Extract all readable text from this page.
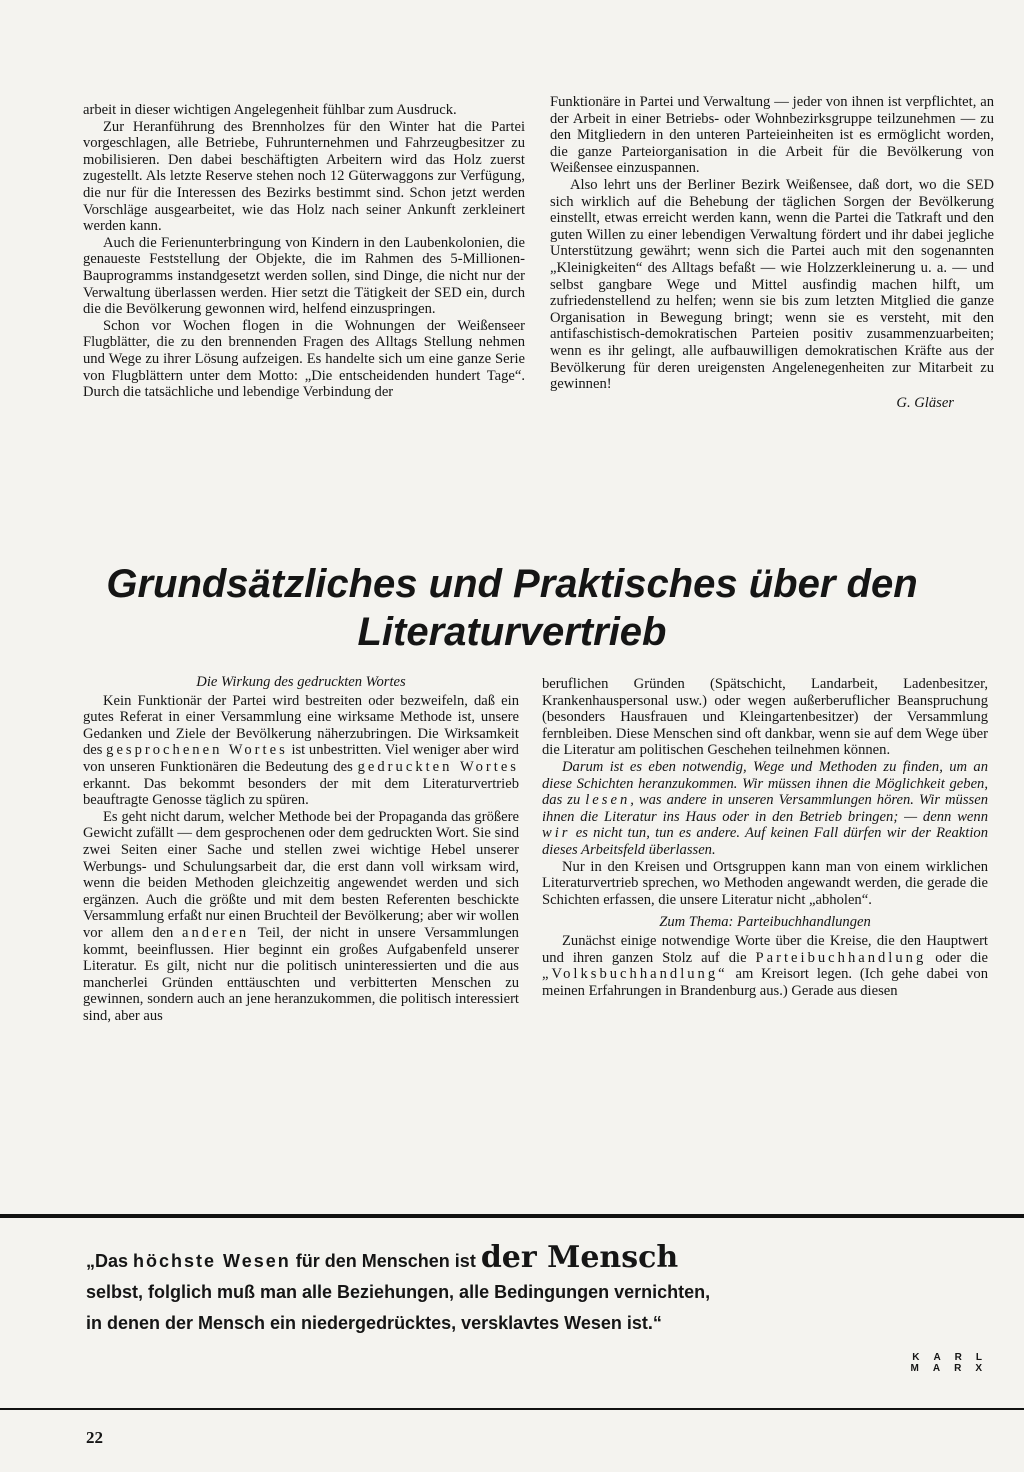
arbeit in dieser wichtigen Angelegenheit fühlbar zum Ausdruck.

Zur Heranführung des Brennholzes für den Winter hat die Partei vorgeschlagen, alle Betriebe, Fuhrunternehmen und Fahrzeugbesitzer zu mobilisieren. Den dabei beschäftigten Arbeitern wird das Holz zuerst zugestellt. Als letzte Reserve stehen noch 12 Güterwaggons zur Verfügung, die nur für die Interessen des Bezirks bestimmt sind. Schon jetzt werden Vorschläge ausgearbeitet, wie das Holz nach seiner Ankunft zerkleinert werden kann.

Auch die Ferienunterbringung von Kindern in den Laubenkolonien, die genaueste Feststellung der Objekte, die im Rahmen des 5-Millionen-Bauprogramms instandgesetzt werden sollen, sind Dinge, die nicht nur der Verwaltung überlassen werden. Hier setzt die Tätigkeit der SED ein, durch die die Bevölkerung gewonnen wird, helfend einzuspringen.

Schon vor Wochen flogen in die Wohnungen der Weißenseer Flugblätter, die zu den brennenden Fragen des Alltags Stellung nehmen und Wege zu ihrer Lösung aufzeigen. Es handelte sich um eine ganze Serie von Flugblättern unter dem Motto: „Die entscheidenden hundert Tage“. Durch die tatsächliche und lebendige Verbindung der

Funktionäre in Partei und Verwaltung — jeder von ihnen ist verpflichtet, an der Arbeit in einer Betriebs- oder Wohnbezirksgruppe teilzunehmen — zu den Mitgliedern in den unteren Parteieinheiten ist es ermöglicht worden, die ganze Parteiorganisation in die Arbeit für die Bevölkerung von Weißensee einzuspannen.

Also lehrt uns der Berliner Bezirk Weißensee, daß dort, wo die SED sich wirklich auf die Behebung der täglichen Sorgen der Bevölkerung einstellt, etwas erreicht werden kann, wenn die Partei die Tatkraft und den guten Willen zu einer lebendigen Verwaltung fördert und ihr dabei jegliche Unterstützung gewährt; wenn sich die Partei auch mit den sogenannten „Kleinigkeiten“ des Alltags befaßt — wie Holzzerkleinerung u. a. — und selbst gangbare Wege und Mittel ausfindig machen hilft, um zufriedenstellend zu helfen; wenn sie bis zum letzten Mitglied die ganze Organisation in Bewegung bringt; wenn sie es versteht, mit den antifaschistisch-demokratischen Parteien positiv zusammenzuarbeiten; wenn es ihr gelingt, alle aufbauwilligen demokratischen Kräfte aus der Bevölkerung für deren ureigensten Angelenegenheiten zur Mitarbeit zu gewinnen!

G. Gläser
Grundsätzliches und Praktisches über den Literaturvertrieb

Die Wirkung des gedruckten Wortes

Kein Funktionär der Partei wird bestreiten oder bezweifeln, daß ein gutes Referat in einer Versammlung eine wirksame Methode ist, unsere Gedanken und Ziele der Bevölkerung näherzubringen. Die Wirksamkeit des gesprochenen Wortes ist unbestritten. Viel weniger aber wird von unseren Funktionären die Bedeutung des gedruckten Wortes erkannt. Das bekommt besonders der mit dem Literaturvertrieb beauftragte Genosse täglich zu spüren.

Es geht nicht darum, welcher Methode bei der Propaganda das größere Gewicht zufällt — dem gesprochenen oder dem gedruckten Wort. Sie sind zwei Seiten einer Sache und stellen zwei wichtige Hebel unserer Werbungs- und Schulungsarbeit dar, die erst dann voll wirksam wird, wenn die beiden Methoden gleichzeitig angewendet werden und sich ergänzen. Auch die größte und mit dem besten Referenten beschickte Versammlung erfaßt nur einen Bruchteil der Bevölkerung; aber wir wollen vor allem den anderen Teil, der nicht in unsere Versammlungen kommt, beeinflussen. Hier beginnt ein großes Aufgabenfeld unserer Literatur. Es gilt, nicht nur die politisch uninteressierten und die aus mancherlei Gründen enttäuschten und verbitterten Menschen zu gewinnen, sondern auch an jene heranzukommen, die politisch interessiert sind, aber aus

beruflichen Gründen (Spätschicht, Landarbeit, Ladenbesitzer, Krankenhauspersonal usw.) oder wegen außerberuflicher Beanspruchung (besonders Hausfrauen und Kleingartenbesitzer) der Versammlung fernbleiben. Diese Menschen sind oft dankbar, wenn sie auf dem Wege über die Literatur am politischen Geschehen teilnehmen können.

Darum ist es eben notwendig, Wege und Methoden zu finden, um an diese Schichten heranzukommen. Wir müssen ihnen die Möglichkeit geben, das zu lesen, was andere in unseren Versammlungen hören. Wir müssen ihnen die Literatur ins Haus oder in den Betrieb bringen; — denn wenn wir es nicht tun, tun es andere. Auf keinen Fall dürfen wir der Reaktion dieses Arbeitsfeld überlassen.

Nur in den Kreisen und Ortsgruppen kann man von einem wirklichen Literaturvertrieb sprechen, wo Methoden angewandt werden, die gerade die Schichten erfassen, die unsere Literatur nicht „abholen“.

Zum Thema: Parteibuchhandlungen

Zunächst einige notwendige Worte über die Kreise, die den Hauptwert und ihren ganzen Stolz auf die Parteibuchhandlung oder die „Volksbuchhandlung“ am Kreisort legen. (Ich gehe dabei von meinen Erfahrungen in Brandenburg aus.) Gerade aus diesen

„Das höchste Wesen für den Menschen ist der Mensch
selbst, folglich muß man alle Beziehungen, alle Bedingungen vernichten,
in denen der Mensch ein niedergedrücktes, versklavtes Wesen ist.“
KARL MARX
22
